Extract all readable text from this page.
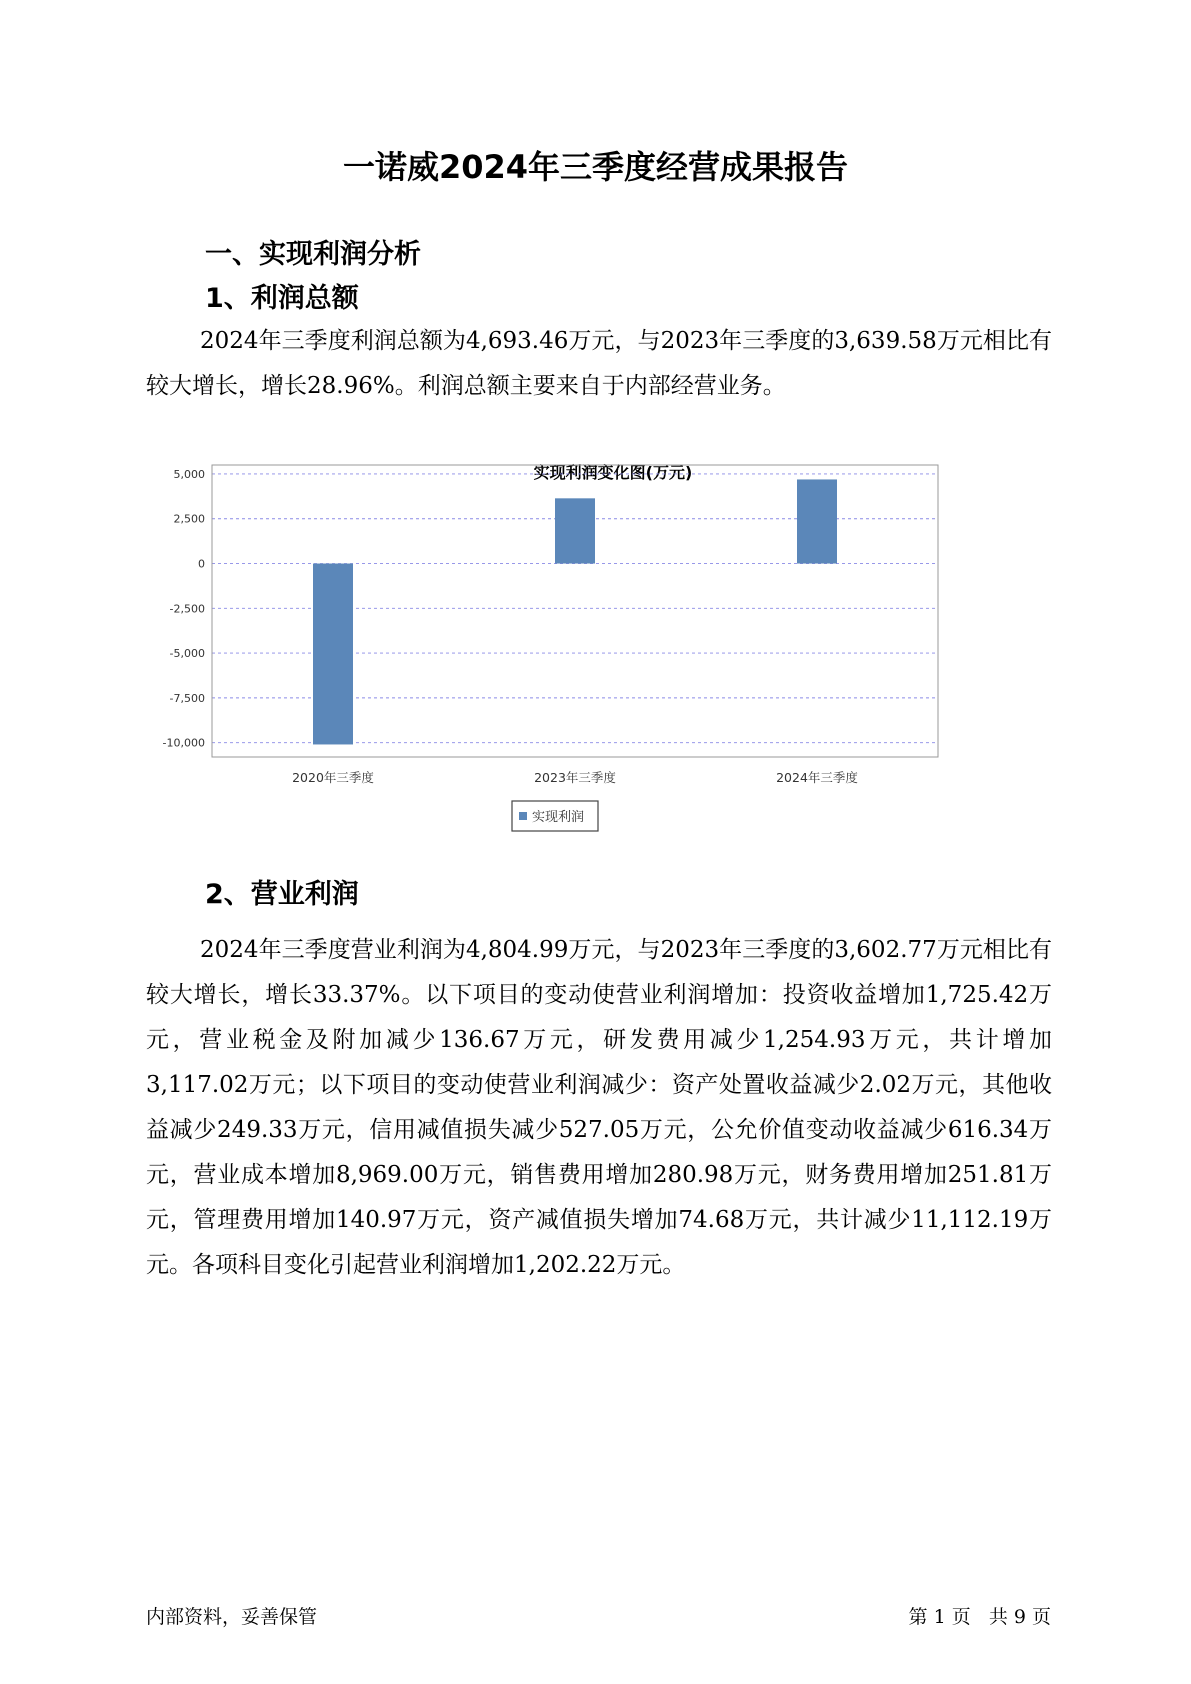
一诺威2024年三季度经营成果报告
一、实现利润分析
1、利润总额

2024年三季度利润总额为4,693.46万元，与2023年三季度的3,639.58万元相比有较大增长，增长28.96%。利润总额主要来自于内部经营业务。

实现利润变化图(万元)
5,000
2,500
0
-2,500
-5,000
-7,500
-10,000
2020年三季度	2023年三季度	2024年三季度
实现利润
2、营业利润

2024年三季度营业利润为4,804.99万元，与2023年三季度的3,602.77万元相比有较大增长，增长33.37%。以下项目的变动使营业利润增加：投资收益增加1,725.42万元，营业税金及附加减少136.67万元，研发费用减少1,254.93万元，共计增加3,117.02万元；以下项目的变动使营业利润减少：资产处置收益减少2.02万元，其他收益减少249.33万元，信用减值损失减少527.05万元，公允价值变动收益减少616.34万元，营业成本增加8,969.00万元，销售费用增加280.98万元，财务费用增加251.81万元，管理费用增加140.97万元，资产减值损失增加74.68万元，共计减少11,112.19万元。各项科目变化引起营业利润增加1,202.22万元。

内部资料，妥善保管	第 1 页   共 9 页
